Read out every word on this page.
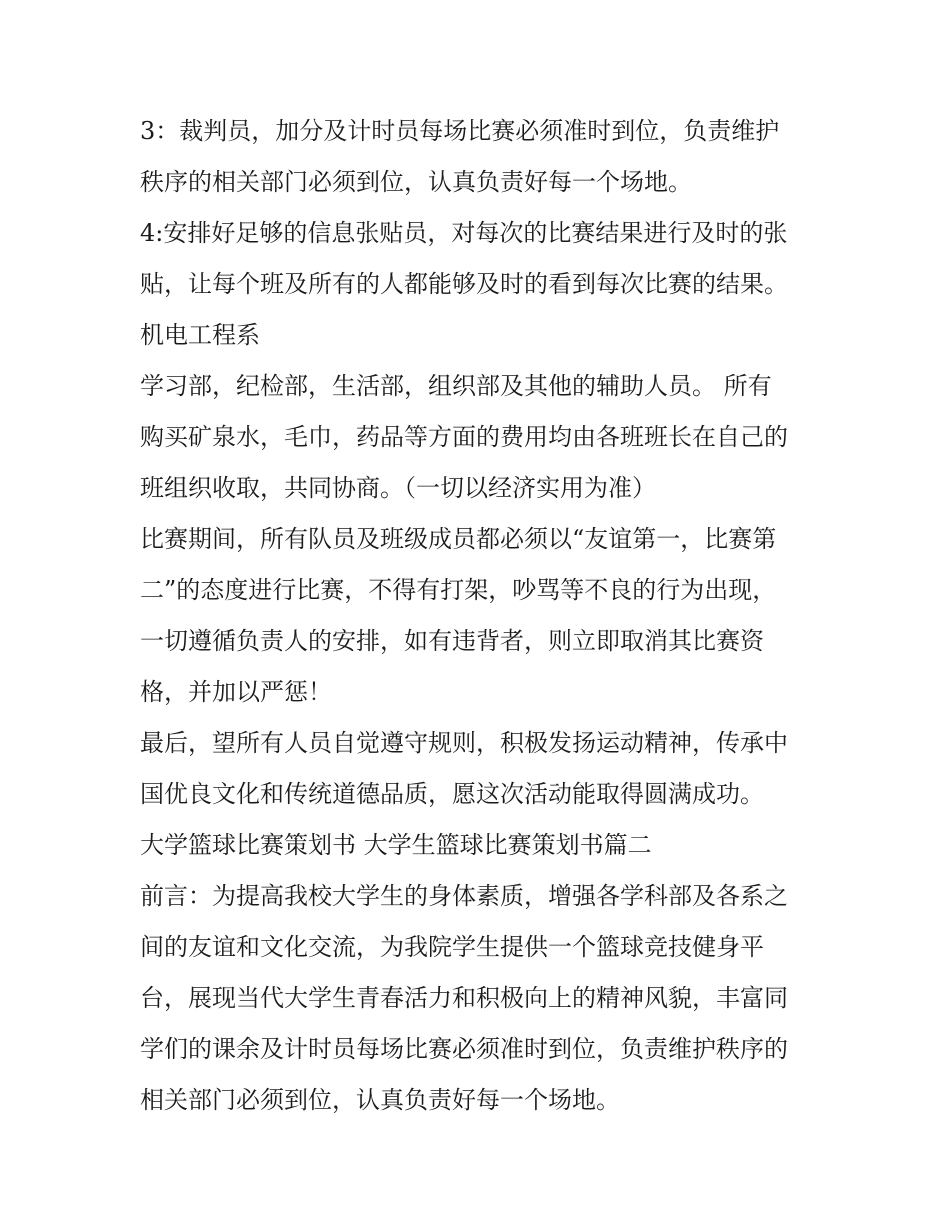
3：裁判员，加分及计时员每场比赛必须准时到位，负责维护
秩序的相关部门必须到位，认真负责好每一个场地。
4:安排好足够的信息张贴员，对每次的比赛结果进行及时的张
贴，让每个班及所有的人都能够及时的看到每次比赛的结果。
机电工程系
学习部，纪检部，生活部，组织部及其他的辅助人员。 所有
购买矿泉水，毛巾，药品等方面的费用均由各班班长在自己的
班组织收取，共同协商。（一切以经济实用为准）
比赛期间，所有队员及班级成员都必须以“友谊第一，比赛第
二”的态度进行比赛，不得有打架，吵骂等不良的行为出现，
一切遵循负责人的安排，如有违背者，则立即取消其比赛资
格，并加以严惩！
最后，望所有人员自觉遵守规则，积极发扬运动精神，传承中
国优良文化和传统道德品质，愿这次活动能取得圆满成功。
大学篮球比赛策划书 大学生篮球比赛策划书篇二
前言：为提高我校大学生的身体素质，增强各学科部及各系之
间的友谊和文化交流，为我院学生提供一个篮球竞技健身平
台，展现当代大学生青春活力和积极向上的精神风貌，丰富同
学们的课余及计时员每场比赛必须准时到位，负责维护秩序的
相关部门必须到位，认真负责好每一个场地。
